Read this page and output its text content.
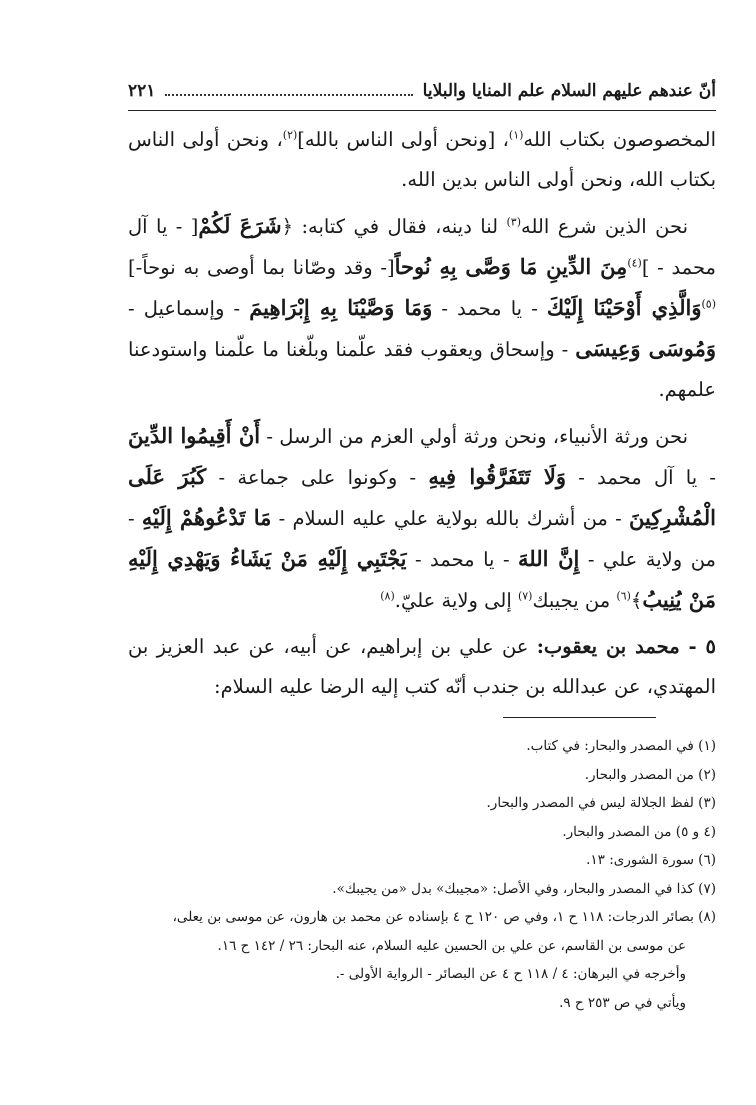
أنّ عندهم عليهم السلام علم المنايا والبلايا
٢٢١

المخصوصون بكتاب الله$^{(١)}$، [ونحن أولى الناس بالله]$^{(٢)}$، ونحن أولى الناس بكتاب الله، ونحن أولى الناس بدين الله.

نحن الذين شرع الله$^{(٣)}$ لنا دينه، فقال في كتابه: ﴿شَرَعَ لَكُمْ[ - يا آل محمد - ]$^{(٤)}$مِنَ الدِّينِ مَا وَصَّى بِهِ نُوحاً[- وقد وصّانا بما أوصى به نوحاً-]$^{(٥)}$وَالَّذِي أَوْحَيْنَا إِلَيْكَ - يا محمد - وَمَا وَصَّيْنَا بِهِ إِبْرَاهِيمَ - وإسماعيل - وَمُوسَى وَعِيسَى - وإسحاق ويعقوب فقد علّمنا وبلّغنا ما علّمنا واستودعنا علمهم.

نحن ورثة الأنبياء، ونحن ورثة أولي العزم من الرسل - أَنْ أَقِيمُوا الدِّينَ - يا آل محمد - وَلَا تَتَفَرَّقُوا فِيهِ - وكونوا على جماعة - كَبُرَ عَلَى الْمُشْرِكِينَ - من أشرك بالله بولاية علي عليه السلام - مَا تَدْعُوهُمْ إِلَيْهِ - من ولاية علي - إِنَّ اللهَ - يا محمد - يَجْتَبِي إِلَيْهِ مَنْ يَشَاءُ وَيَهْدِي إِلَيْهِ مَنْ يُنِيبُ﴾$^{(٦)}$ من يجيبك$^{(٧)}$ إلى ولاية عليّ.$^{(٨)}$

٥ - محمد بن يعقوب: عن علي بن إبراهيم، عن أبيه، عن عبد العزيز بن المهتدي، عن عبدالله بن جندب أنّه كتب إليه الرضا عليه السلام:

(١) في المصدر والبحار: في كتاب.
(٢) من المصدر والبحار.
(٣) لفظ الجلالة ليس في المصدر والبحار.
(٤ و ٥) من المصدر والبحار.
(٦) سورة الشورى: ١٣.
(٧) كذا في المصدر والبحار، وفي الأصل: «مجيبك» بدل «من يجيبك».
(٨) بصائر الدرجات: ١١٨ ح ١، وفي ص ١٢٠ ح ٤ بإسناده عن محمد بن هارون، عن موسى بن يعلى،
عن موسى بن القاسم، عن علي بن الحسين عليه السلام، عنه البحار: ٢٦ / ١٤٢ ح ١٦.
وأخرجه في البرهان: ٤ / ١١٨ ح ٤ عن البصائر - الرواية الأولى -.
ويأتي في ص ٢٥٣ ح ٩.
